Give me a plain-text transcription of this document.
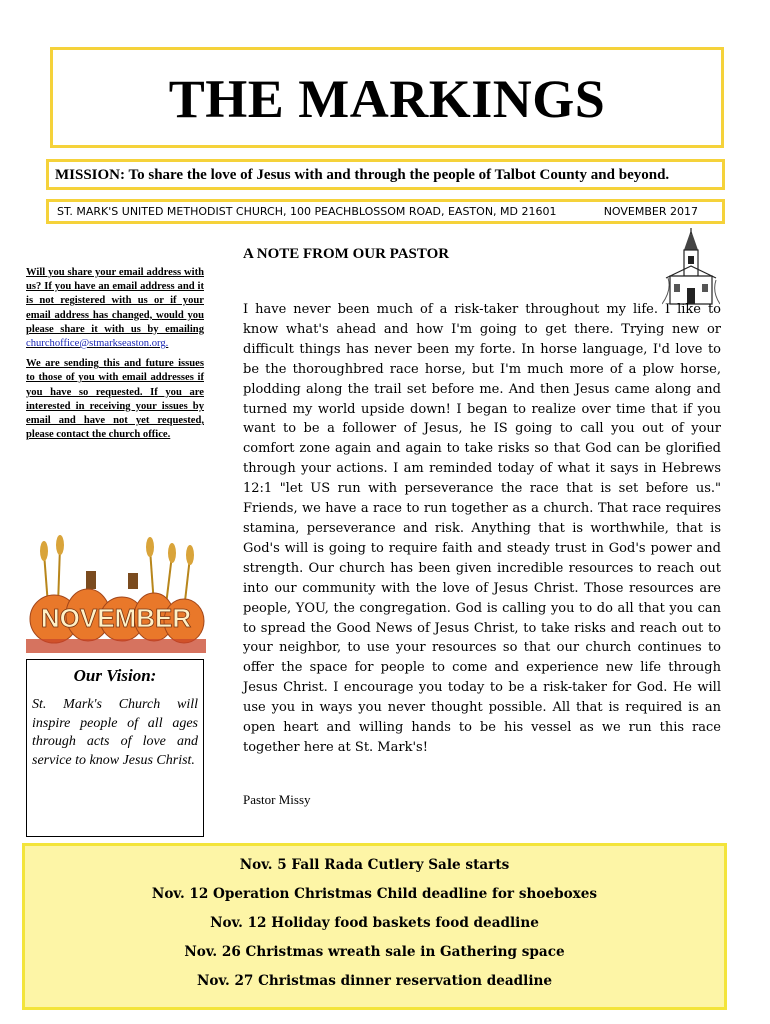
THE MARKINGS
MISSION: To share the love of Jesus with and through the people of Talbot County and beyond.
ST. MARK'S UNITED METHODIST CHURCH, 100 PEACHBLOSSOM ROAD, EASTON, MD 21601	NOVEMBER 2017

Will you share your email address with us? If you have an email address and it is not registered with us or if your email address has changed, would you please share it with us by emailing churchoffice@stmarkseaston.org.

We are sending this and future issues to those of you with email addresses if you have so requested. If you are interested in receiving your issues by email and have not yet requested, please contact the church office.

NOVEMBER
Our Vision:

St. Mark's Church will inspire people of all ages through acts of love and service to know Jesus Christ.

A NOTE FROM OUR PASTOR

I have never been much of a risk-taker throughout my life. I like to know what's ahead and how I'm going to get there. Trying new or difficult things has never been my forte. In horse language, I'd love to be the thoroughbred race horse, but I'm much more of a plow horse, plodding along the trail set before me. And then Jesus came along and turned my world upside down! I began to realize over time that if you want to be a follower of Jesus, he IS going to call you out of your comfort zone again and again to take risks so that God can be glorified through your actions. I am reminded today of what it says in Hebrews 12:1 "let US run with perseverance the race that is set before us." Friends, we have a race to run together as a church. That race requires stamina, perseverance and risk. Anything that is worthwhile, that is God's will is going to require faith and steady trust in God's power and strength. Our church has been given incredible resources to reach out into our community with the love of Jesus Christ. Those resources are people, YOU, the congregation. God is calling you to do all that you can to spread the Good News of Jesus Christ, to take risks and reach out to your neighbor, to use your resources so that our church continues to offer the space for people to come and experience new life through Jesus Christ. I encourage you today to be a risk-taker for God. He will use you in ways you never thought possible. All that is required is an open heart and willing hands to be his vessel as we run this race together here at St. Mark's!

Pastor Missy
Nov. 5 Fall Rada Cutlery Sale starts
Nov. 12 Operation Christmas Child deadline for shoeboxes
Nov. 12 Holiday food baskets food deadline
Nov. 26 Christmas wreath sale in Gathering space
Nov. 27 Christmas dinner reservation deadline
